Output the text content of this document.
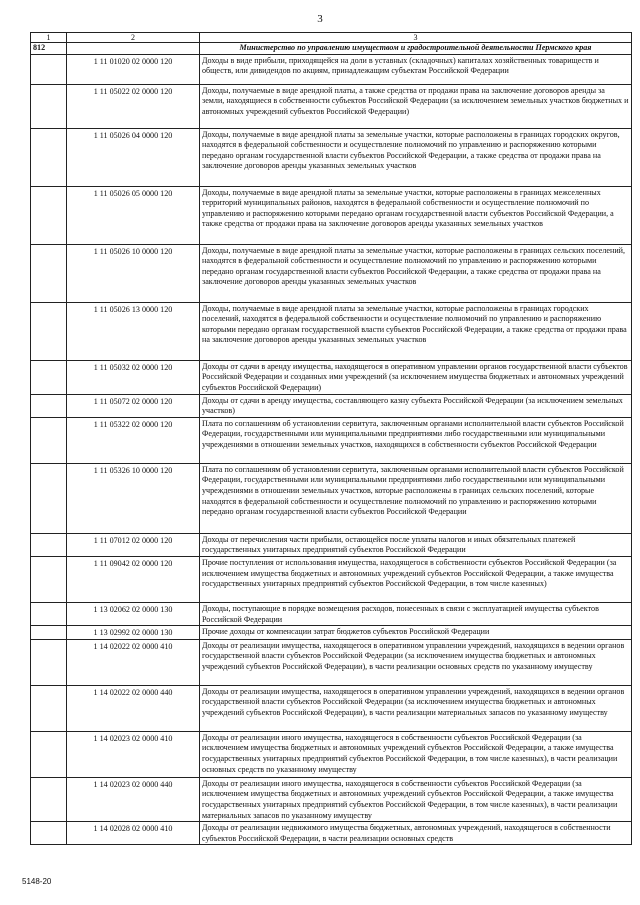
3
1	2	3
812		Министерство по управлению имуществом и градостроительной деятельности Пермского края
	1 11 01020 02 0000 120	Доходы в виде прибыли, приходящейся на доли в уставных (складочных) капиталах хозяйственных товариществ и обществ, или дивидендов по акциям, принадлежащим субъектам Российской Федерации
	1 11 05022 02 0000 120	Доходы, получаемые в виде арендной платы, а также средства от продажи права на заключение договоров аренды за земли, находящиеся в собственности субъектов Российской Федерации (за исключением земельных участков бюджетных и автономных учреждений субъектов Российской Федерации)
	1 11 05026 04 0000 120	Доходы, получаемые в виде арендной платы за земельные участки, которые расположены в границах городских округов, находятся в федеральной собственности и осуществление полномочий по управлению и распоряжению которыми передано органам государственной власти субъектов Российской Федерации, а также средства от продажи права на заключение договоров аренды указанных земельных участков
	1 11 05026 05 0000 120	Доходы, получаемые в виде арендной платы за земельные участки, которые расположены в границах межселенных территорий муниципальных районов, находятся в федеральной собственности и осуществление полномочий по управлению и распоряжению которыми передано органам государственной власти субъектов Российской Федерации, а также средства от продажи права на заключение договоров аренды указанных земельных участков
	1 11 05026 10 0000 120	Доходы, получаемые в виде арендной платы за земельные участки, которые расположены в границах сельских поселений, находятся в федеральной собственности и осуществление полномочий по управлению и распоряжению которыми передано органам государственной власти субъектов Российской Федерации, а также средства от продажи права на заключение договоров аренды указанных земельных участков
	1 11 05026 13 0000 120	Доходы, получаемые в виде арендной платы за земельные участки, которые расположены в границах городских поселений, находятся в федеральной собственности и осуществление полномочий по управлению и распоряжению которыми передано органам государственной власти субъектов Российской Федерации, а также средства от продажи права на заключение договоров аренды указанных земельных участков
	1 11 05032 02 0000 120	Доходы от сдачи в аренду имущества, находящегося в оперативном управлении органов государственной власти субъектов Российской Федерации и созданных ими учреждений (за исключением имущества бюджетных и автономных учреждений субъектов Российской Федерации)
	1 11 05072 02 0000 120	Доходы от сдачи в аренду имущества, составляющего казну субъекта Российской Федерации (за исключением земельных участков)
	1 11 05322 02 0000 120	Плата по соглашениям об установлении сервитута, заключенным органами исполнительной власти субъектов Российской Федерации, государственными или муниципальными предприятиями либо государственными или муниципальными учреждениями в отношении земельных участков, находящихся в собственности субъектов Российской Федерации
	1 11 05326 10 0000 120	Плата по соглашениям об установлении сервитута, заключенным органами исполнительной власти субъектов Российской Федерации, государственными или муниципальными предприятиями либо государственными или муниципальными учреждениями в отношении земельных участков, которые расположены в границах сельских поселений, которые находятся в федеральной собственности и осуществление полномочий по управлению и распоряжению которыми передано органам государственной власти субъектов Российской Федерации
	1 11 07012 02 0000 120	Доходы от перечисления части прибыли, остающейся после уплаты налогов и иных обязательных платежей государственных унитарных предприятий субъектов Российской Федерации
	1 11 09042 02 0000 120	Прочие поступления от использования имущества, находящегося в собственности субъектов Российской Федерации (за исключением имущества бюджетных и автономных учреждений субъектов Российской Федерации, а также имущества государственных унитарных предприятий субъектов Российской Федерации, в том числе казенных)
	1 13 02062 02 0000 130	Доходы, поступающие в порядке возмещения расходов, понесенных в связи с эксплуатацией имущества субъектов Российской Федерации
	1 13 02992 02 0000 130	Прочие доходы от компенсации затрат бюджетов субъектов Российской Федерации
	1 14 02022 02 0000 410	Доходы от реализации имущества, находящегося в оперативном управлении учреждений, находящихся в ведении органов государственной власти субъектов Российской Федерации (за исключением имущества бюджетных и автономных учреждений субъектов Российской Федерации), в части реализации основных средств по указанному имуществу
	1 14 02022 02 0000 440	Доходы от реализации имущества, находящегося в оперативном управлении учреждений, находящихся в ведении органов государственной власти субъектов Российской Федерации (за исключением имущества бюджетных и автономных учреждений субъектов Российской Федерации), в части реализации материальных запасов по указанному имуществу
	1 14 02023 02 0000 410	Доходы от реализации иного имущества, находящегося в собственности субъектов Российской Федерации (за исключением имущества бюджетных и автономных учреждений субъектов Российской Федерации, а также имущества государственных унитарных предприятий субъектов Российской Федерации, в том числе казенных), в части реализации основных средств по указанному имуществу
	1 14 02023 02 0000 440	Доходы от реализации иного имущества, находящегося в собственности субъектов Российской Федерации (за исключением имущества бюджетных и автономных учреждений субъектов Российской Федерации, а также имущества государственных унитарных предприятий субъектов Российской Федерации, в том числе казенных), в части реализации материальных запасов по указанному имуществу
	1 14 02028 02 0000 410	Доходы от реализации недвижимого имущества бюджетных, автономных учреждений, находящегося в собственности субъектов Российской Федерации, в части реализации основных средств
5148-20
